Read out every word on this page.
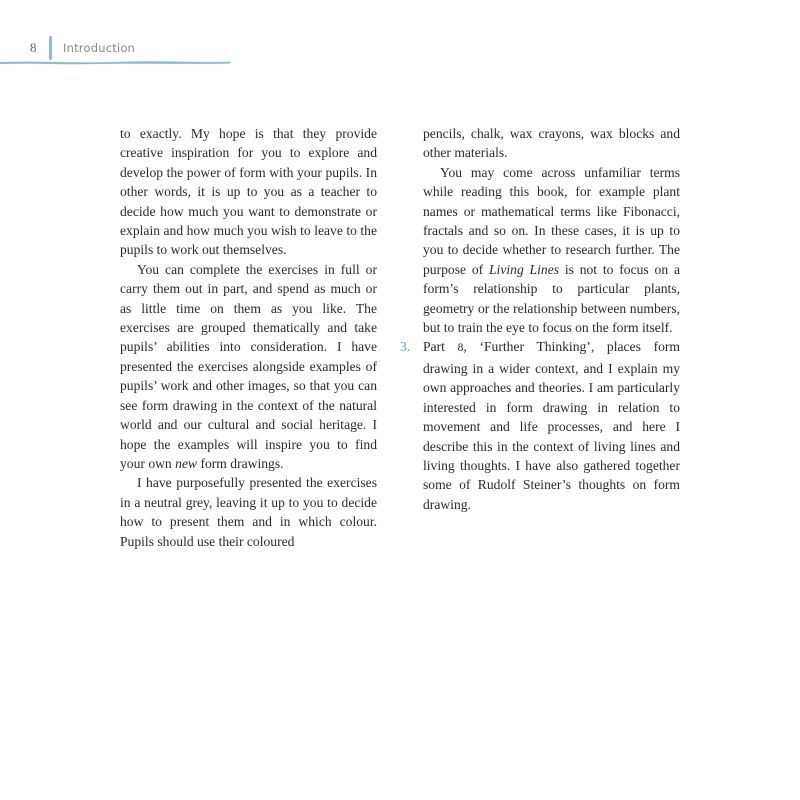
8 Introduction

to exactly. My hope is that they provide creative inspiration for you to explore and develop the power of form with your pupils. In other words, it is up to you as a teacher to decide how much you want to demonstrate or explain and how much you wish to leave to the pupils to work out themselves.

You can complete the exercises in full or carry them out in part, and spend as much or as little time on them as you like. The exercises are grouped thematically and take pupils’ abilities into consideration. I have presented the exercises alongside examples of pupils’ work and other images, so that you can see form drawing in the context of the natural world and our cultural and social heritage. I hope the examples will inspire you to find your own new form drawings.

I have purposefully presented the exercises in a neutral grey, leaving it up to you to decide how to present them and in which colour. Pupils should use their coloured

pencils, chalk, wax crayons, wax blocks and other materials.

You may come across unfamiliar terms while reading this book, for example plant names or mathematical terms like Fibonacci, fractals and so on. In these cases, it is up to you to decide whether to research further. The purpose of Living Lines is not to focus on a form’s relationship to particular plants, geometry or the relationship between numbers, but to train the eye to focus on the form itself.

3. Part 8, ‘Further Thinking’, places form drawing in a wider context, and I explain my own approaches and theories. I am particularly interested in form drawing in relation to movement and life processes, and here I describe this in the context of living lines and living thoughts. I have also gathered together some of Rudolf Steiner’s thoughts on form drawing.
